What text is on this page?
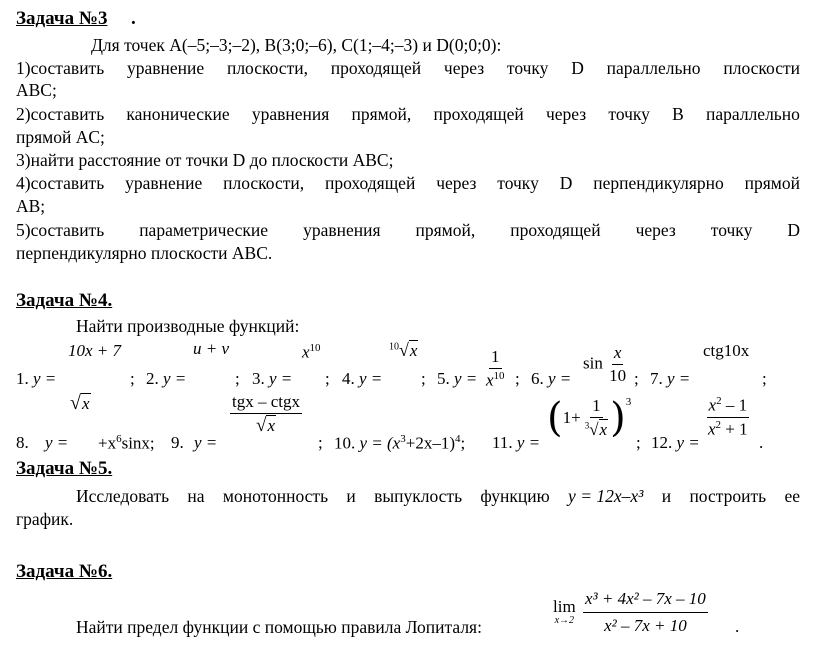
Задача №3 .
Для точек A(–5;–3;–2), B(3;0;–6), C(1;–4;–3) и D(0;0;0):
1)составить уравнение плоскости, проходящей через точку D параллельно плоскости
ABC;
2)составить канонические уравнения прямой, проходящей через точку B параллельно
прямой AC;
3)найти расстояние от точки D до плоскости ABC;
4)составить уравнение плоскости, проходящей через точку D перпендикулярно прямой
AB;
5)составить параметрические уравнения прямой, проходящей через точку D
перпендикулярно плоскости ABC.
Задача №4.
Найти производные функций:
1. y =
10x + 7
√x
; 2. y =
u + v
; 3. y =
$x^{10}$
; 4. y =
$^{10}$√x
; 5. $y = \frac{1}{x^{10}}$ ; 6. y =
$\sin \frac{x}{10}$ ; 7. y =
ctg10x
;
8. $y = +x^6\sin x$; 9. y =
$\frac{\text{tgx – ctgx}}{√x}$
; 10. $y = (x^3+2x-1)^4$; 11. y =
( $1+ \frac{1}{^3√x} )^3$
; 12. y =
$\frac{x^2 - 1}{x^2 + 1}$
.
Задача №5.
Исследовать на монотонность и выпуклость функцию y = 12x–x³ и построить ее
график.
Задача №6.
Найти предел функции с помощью правила Лопиталя:
lim
$x\to 2 \frac{\text{x³ + 4x² – 7x – 10}}{\text{x² – 7x + 10}}$ .
